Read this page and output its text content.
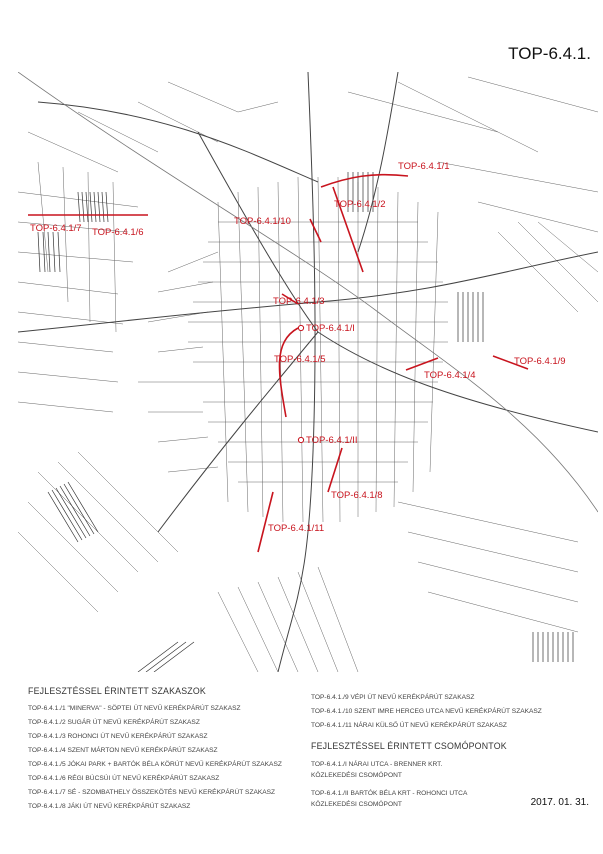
TOP-6.4.1.
TOP-6.4.1/1
TOP-6.4.1/2
TOP-6.4.1/10
TOP-6.4.1/7 TOP-6.4.1/6
TOP-6.4.1/3
TOP-6.4.1/I
TOP-6.4.1/5
TOP-6.4.1/4
TOP-6.4.1/9
TOP-6.4.1/II
TOP-6.4.1/8
TOP-6.4.1/11
FEJLESZTÉSSEL ÉRINTETT SZAKASZOK
TOP-6.4.1./1 "MINERVA" - SÖPTEI ÚT NEVŰ KERÉKPÁRÚT SZAKASZ
TOP-6.4.1./2 SUGÁR ÚT NEVŰ KERÉKPÁRÚT SZAKASZ
TOP-6.4.1./3 ROHONCI ÚT NEVŰ KERÉKPÁRÚT SZAKASZ
TOP-6.4.1./4 SZENT MÁRTON NEVŰ KERÉKPÁRÚT SZAKASZ
TOP-6.4.1./5 JÓKAI PARK + BARTÓK BÉLA KÖRÚT NEVŰ KERÉKPÁRÚT SZAKASZ
TOP-6.4.1./6 RÉGI BÚCSÚI ÚT NEVŰ KERÉKPÁRÚT SZAKASZ
TOP-6.4.1./7 SÉ - SZOMBATHELY ÖSSZEKÖTÉS NEVŰ KERÉKPÁRÚT SZAKASZ
TOP-6.4.1./8 JÁKI ÚT NEVŰ KERÉKPÁRÚT SZAKASZ
TOP-6.4.1./9 VÉPI ÚT NEVŰ KERÉKPÁRÚT SZAKASZ
TOP-6.4.1./10 SZENT IMRE HERCEG UTCA NEVŰ KERÉKPÁRÚT SZAKASZ
TOP-6.4.1./11 NÁRAI KÜLSŐ ÚT NEVŰ KERÉKPÁRÚT SZAKASZ
FEJLESZTÉSSEL ÉRINTETT CSOMÓPONTOK
TOP-6.4.1./I NÁRAI UTCA - BRENNER KRT.
KÖZLEKEDÉSI CSOMÓPONT
TOP-6.4.1./II BARTÓK BÉLA KRT - ROHONCI UTCA
KÖZLEKEDÉSI CSOMÓPONT	2017. 01. 31.
